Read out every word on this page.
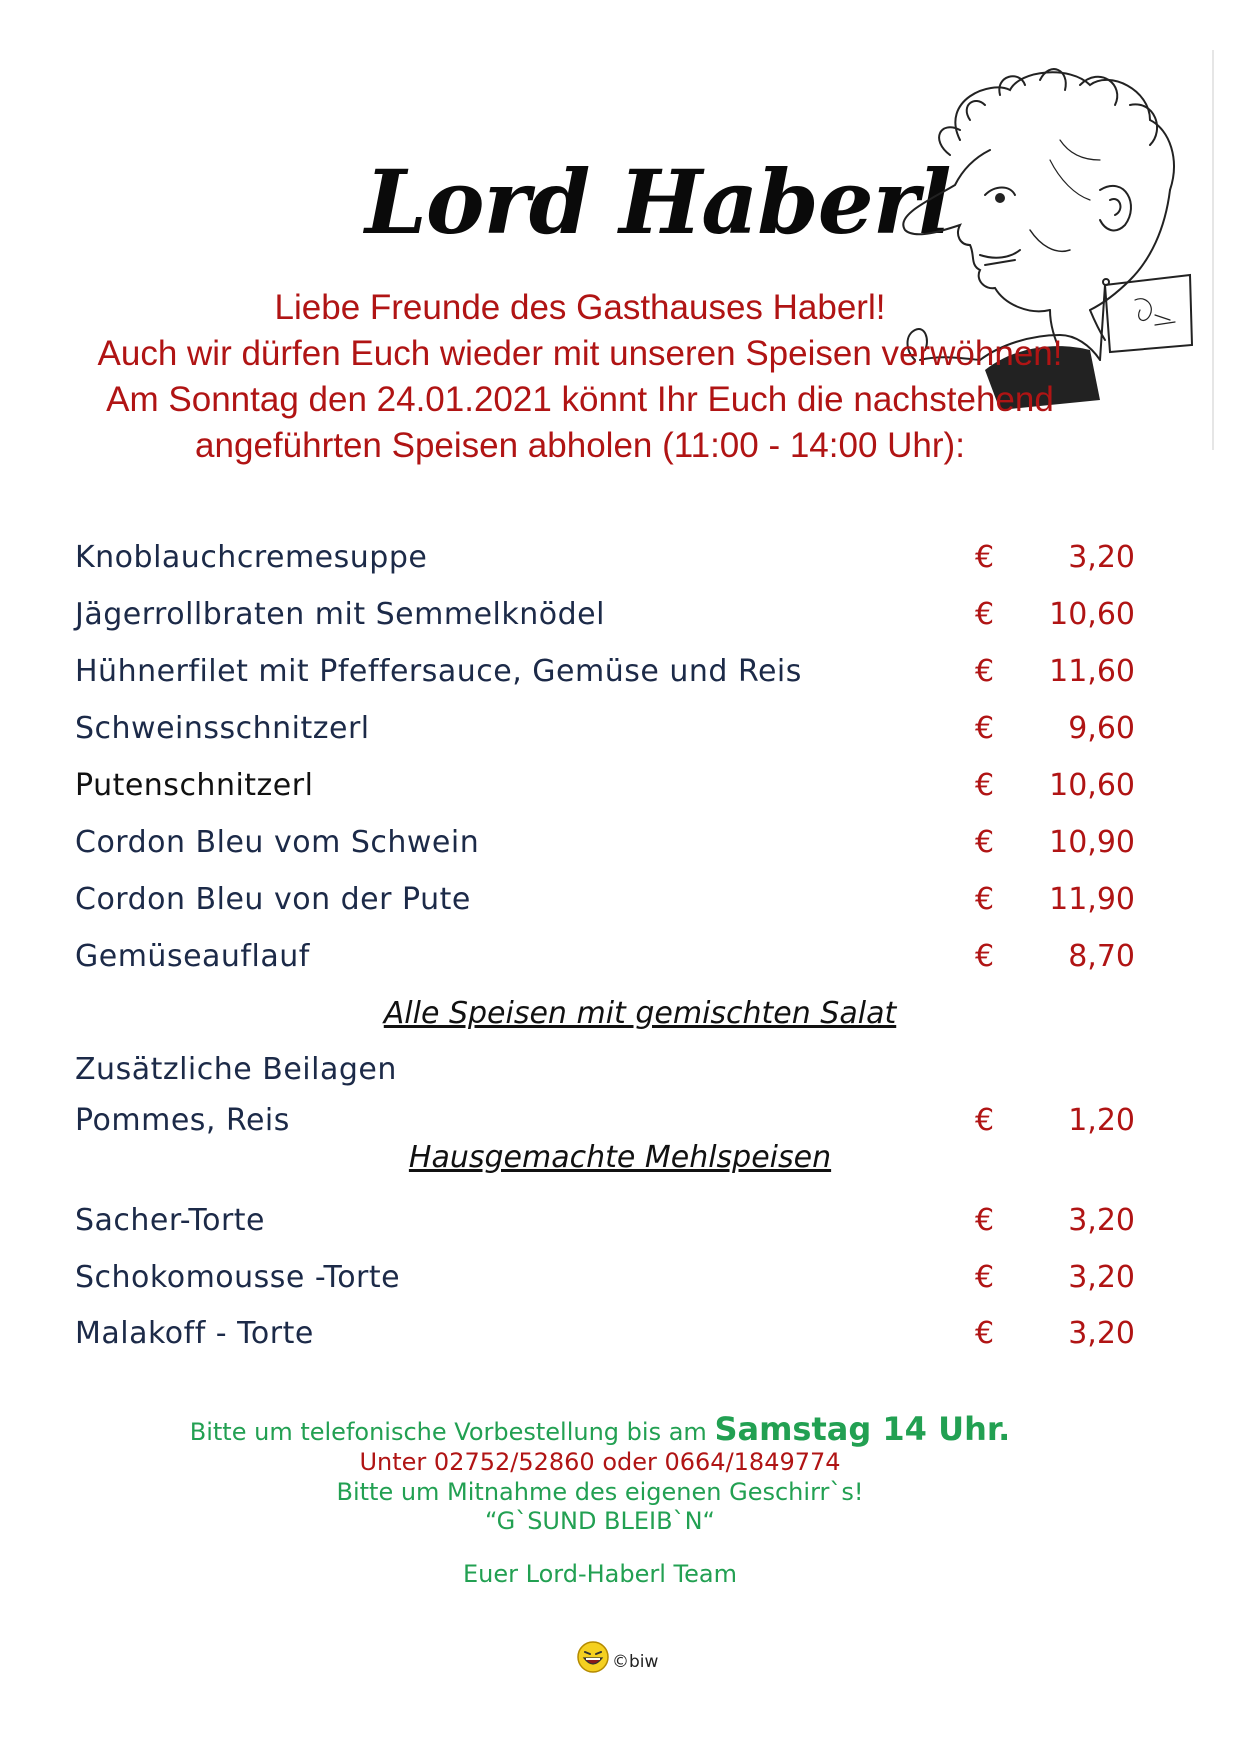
Lord Haberl
Liebe Freunde des Gasthauses Haberl!
Auch wir dürfen Euch wieder mit unseren Speisen verwöhnen!
Am Sonntag den 24.01.2021 könnt Ihr Euch die nachstehend
angeführten Speisen abholen (11:00 - 14:00 Uhr):
Knoblauchcremesuppe	€	3,20
Jägerrollbraten mit Semmelknödel	€	10,60
Hühnerfilet mit Pfeffersauce, Gemüse und Reis	€	11,60
Schweinsschnitzerl	€	9,60
Putenschnitzerl	€	10,60
Cordon Bleu vom Schwein	€	10,90
Cordon Bleu von der Pute	€	11,90
Gemüseauflauf	€	8,70
Alle Speisen mit gemischten Salat
Zusätzliche Beilagen
Pommes, Reis	€	1,20
Hausgemachte Mehlspeisen
Sacher-Torte	€	3,20
Schokomousse -Torte	€	3,20
Malakoff - Torte	€	3,20
Bitte um telefonische Vorbestellung bis am Samstag 14 Uhr.
Unter 02752/52860 oder 0664/1849774
Bitte um Mitnahme des eigenen Geschirr`s!
“G`SUND BLEIB`N“
Euer Lord-Haberl Team
©biw
